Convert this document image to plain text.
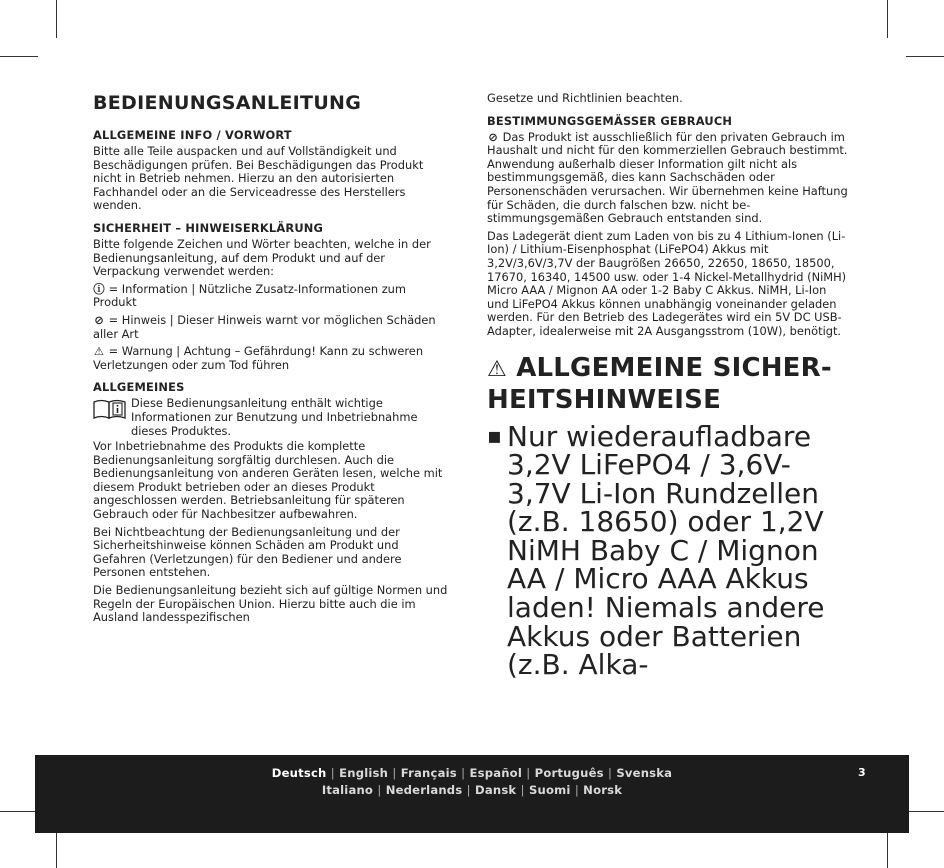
BEDIENUNGSANLEITUNG
ALLGEMEINE INFO / VORWORT

Bitte alle Teile auspacken und auf Vollständigkeit und Beschädigungen prüfen. Bei Beschädigungen das Produkt nicht in Betrieb nehmen. Hierzu an den autorisierten Fachhandel oder an die Serviceadresse des Herstellers wenden.

SICHERHEIT – HINWEISERKLÄRUNG

Bitte folgende Zeichen und Wörter beachten, welche in der Bedienungsanleitung, auf dem Produkt und auf der Verpackung verwendet werden:

ⓘ = Information | Nützliche Zusatz-Informationen zum Produkt

⊘ = Hinweis | Dieser Hinweis warnt vor möglichen Schäden aller Art

⚠ = Warnung | Achtung – Gefährdung! Kann zu schweren Verletzungen oder zum Tod führen

ALLGEMEINES

Diese Bedienungsanleitung enthält wichtige Informationen zur Benutzung und Inbetriebnahme dieses Produktes.

Vor Inbetriebnahme des Produkts die komplette Bedienungsanleitung sorgfältig durchlesen. Auch die Bedienungsanleitung von anderen Geräten lesen, welche mit diesem Produkt betrieben oder an dieses Produkt angeschlossen werden. Betriebsanleitung für späteren Gebrauch oder für Nachbesitzer aufbewahren.

Bei Nichtbeachtung der Bedienungsanleitung und der Sicherheitshinweise können Schäden am Produkt und Gefahren (Verletzungen) für den Bediener und andere Personen entstehen.

Die Bedienungsanleitung bezieht sich auf gültige Normen und Regeln der Europäischen Union. Hierzu bitte auch die im Ausland landesspezifischen

Gesetze und Richtlinien beachten.

BESTIMMUNGSGEMÄSSER GEBRAUCH

⊘ Das Produkt ist ausschließlich für den privaten Gebrauch im Haushalt und nicht für den kommerziellen Gebrauch bestimmt. Anwendung außerhalb dieser Information gilt nicht als bestimmungsgemäß, dies kann Sachschäden oder Personenschäden verursachen. Wir übernehmen keine Haftung für Schäden, die durch falschen bzw. nicht bestimmungsgemäßen Gebrauch entstanden sind.

Das Ladegerät dient zum Laden von bis zu 4 Lithium-Ionen (Li-Ion) / Lithium-Eisenphosphat (LiFePO4) Akkus mit 3,2V/3,6V/3,7V der Baugrößen 26650, 22650, 18650, 18500, 17670, 16340, 14500 usw. oder 1-4 Nickel-Metallhydrid (NiMH) Micro AAA / Mignon AA oder 1-2 Baby C Akkus. NiMH, Li-Ion und LiFePO4 Akkus können unabhängig voneinander geladen werden. Für den Betrieb des Ladegerätes wird ein 5V DC USB-Adapter, idealerweise mit 2A Ausgangsstrom (10W), benötigt.

⚠ ALLGEMEINE SICHERHEITSHINWEISE
▪ Nur wiederaufladbare 3,2V LiFePO4 / 3,6V-3,7V Li-Ion Rundzellen (z.B. 18650) oder 1,2V NiMH Baby C / Mignon AA / Micro AAA Akkus laden! Niemals andere Akkus oder Batterien (z.B. Alka-
Deutsch | English | Français | Español | Português | Svenska
Italiano | Nederlands | Dansk | Suomi | Norsk
3
